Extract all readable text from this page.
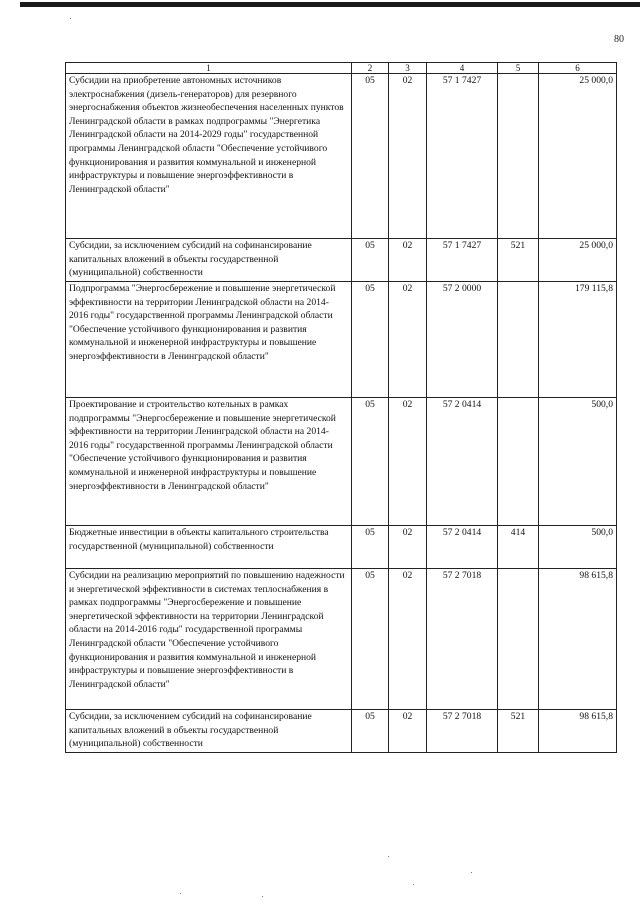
80
1	2	3	4	5	6
Субсидии на приобретение автономных источников электроснабжения (дизель-генераторов) для резервного энергоснабжения объектов жизнеобеспечения населенных пунктов Ленинградской области в рамках подпрограммы "Энергетика Ленинградской области на 2014-2029 годы" государственной программы Ленинградской области "Обеспечение устойчивого функционирования и развития коммунальной и инженерной инфраструктуры и повышение энергоэффективности в Ленинградской области"	05	02	57 1 7427		25 000,0
Субсидии, за исключением субсидий на софинансирование капитальных вложений в объекты государственной (муниципальной) собственности	05	02	57 1 7427	521	25 000,0
Подпрограмма "Энергосбережение и повышение энергетической эффективности на территории Ленинградской области на 2014-2016 годы" государственной программы Ленинградской области "Обеспечение устойчивого функционирования и развития коммунальной и инженерной инфраструктуры и повышение энергоэффективности в Ленинградской области"	05	02	57 2 0000		179 115,8
Проектирование и строительство котельных в рамках подпрограммы "Энергосбережение и повышение энергетической эффективности на территории Ленинградской области на 2014-2016 годы" государственной программы Ленинградской области "Обеспечение устойчивого функционирования и развития коммунальной и инженерной инфраструктуры и повышение энергоэффективности в Ленинградской области"	05	02	57 2 0414		500,0
Бюджетные инвестиции в объекты капитального строительства государственной (муниципальной) собственности	05	02	57 2 0414	414	500,0
Субсидии на реализацию мероприятий по повышению надежности и энергетической эффективности в системах теплоснабжения в рамках подпрограммы "Энергосбережение и повышение энергетической эффективности на территории Ленинградской области на 2014-2016 годы" государственной программы Ленинградской области "Обеспечение устойчивого функционирования и развития коммунальной и инженерной инфраструктуры и повышение энергоэффективности в Ленинградской области"	05	02	57 2 7018		98 615,8
Субсидии, за исключением субсидий на софинансирование капитальных вложений в объекты государственной (муниципальной) собственности	05	02	57 2 7018	521	98 615,8
